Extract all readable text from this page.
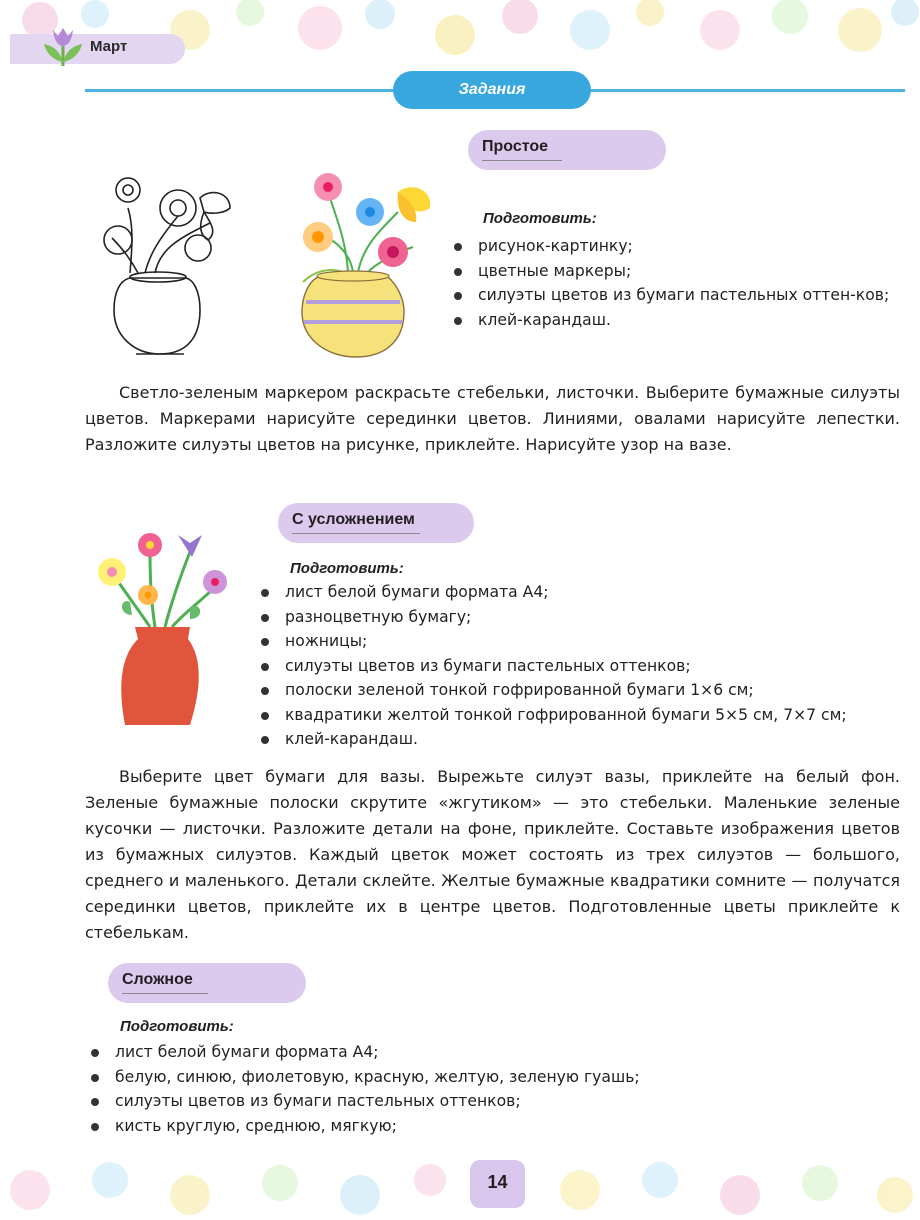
Март
Задания
Простое
Подготовить:
рисунок-картинку;
цветные маркеры;
силуэты цветов из бумаги пастельных оттен-ков;
клей-карандаш.

Светло-зеленым маркером раскрасьте стебельки, листочки. Выберите бумажные силуэты цветов. Маркерами нарисуйте серединки цветов. Линиями, овалами нарисуйте лепестки. Разложите силуэты цветов на рисунке, приклейте. Нарисуйте узор на вазе.

С усложнением
Подготовить:
лист белой бумаги формата А4;
разноцветную бумагу;
ножницы;
силуэты цветов из бумаги пастельных оттенков;
полоски зеленой тонкой гофрированной бумаги 1×6 см;
квадратики желтой тонкой гофрированной бумаги 5×5 см, 7×7 см;
клей-карандаш.

Выберите цвет бумаги для вазы. Вырежьте силуэт вазы, приклейте на белый фон. Зеленые бумажные полоски скрутите «жгутиком» — это стебельки. Маленькие зеленые кусочки — листочки. Разложите детали на фоне, приклейте. Составьте изображения цветов из бумажных силуэтов. Каждый цветок может состоять из трех силуэтов — большого, среднего и маленького. Детали склейте. Желтые бумажные квадратики сомните — получатся серединки цветов, приклейте их в центре цветов. Подготовленные цветы приклейте к стебелькам.

Сложное
Подготовить:
лист белой бумаги формата А4;
белую, синюю, фиолетовую, красную, желтую, зеленую гуашь;
силуэты цветов из бумаги пастельных оттенков;
кисть круглую, среднюю, мягкую;
14
